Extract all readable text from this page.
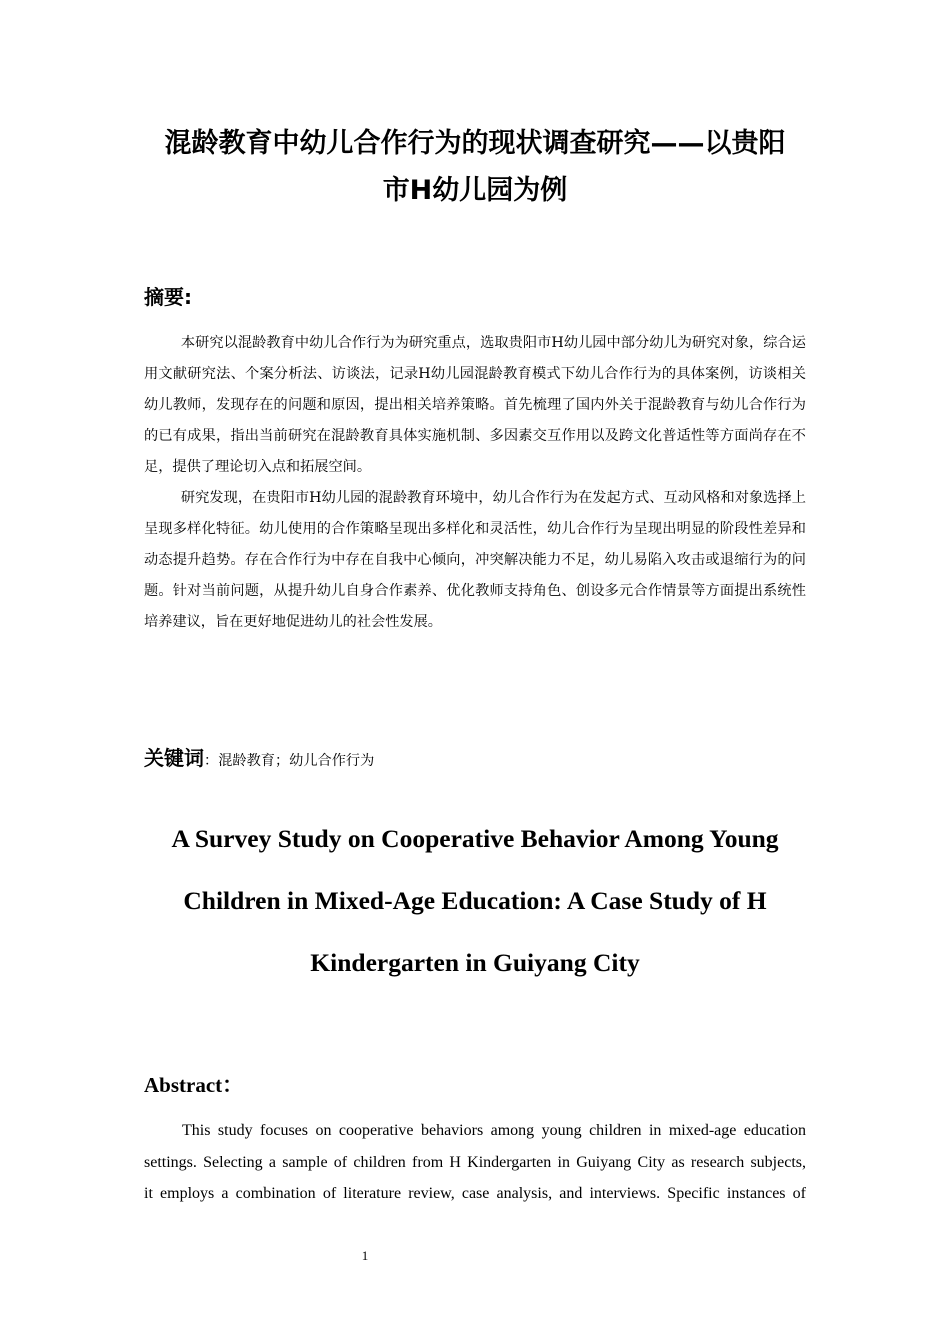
混龄教育中幼儿合作行为的现状调查研究——以贵阳
市H幼儿园为例
摘要:

本研究以混龄教育中幼儿合作行为为研究重点，选取贵阳市H幼儿园中部分幼儿为研究对象，综合运用文献研究法、个案分析法、访谈法，记录H幼儿园混龄教育模式下幼儿合作行为的具体案例，访谈相关幼儿教师，发现存在的问题和原因，提出相关培养策略。首先梳理了国内外关于混龄教育与幼儿合作行为的已有成果，指出当前研究在混龄教育具体实施机制、多因素交互作用以及跨文化普适性等方面尚存在不足，提供了理论切入点和拓展空间。

研究发现，在贵阳市H幼儿园的混龄教育环境中，幼儿合作行为在发起方式、互动风格和对象选择上呈现多样化特征。幼儿使用的合作策略呈现出多样化和灵活性，幼儿合作行为呈现出明显的阶段性差异和动态提升趋势。存在合作行为中存在自我中心倾向，冲突解决能力不足，幼儿易陷入攻击或退缩行为的问题。针对当前问题，从提升幼儿自身合作素养、优化教师支持角色、创设多元合作情景等方面提出系统性培养建议，旨在更好地促进幼儿的社会性发展。

关键词：混龄教育；幼儿合作行为
A Survey Study on Cooperative Behavior Among Young
Children in Mixed-Age Education: A Case Study of H
Kindergarten in Guiyang City
Abstract：
This study focuses on cooperative behaviors among young children in mixed-age education
settings. Selecting a sample of children from H Kindergarten in Guiyang City as research subjects,
it employs a combination of literature review, case analysis, and interviews. Specific instances of
1
